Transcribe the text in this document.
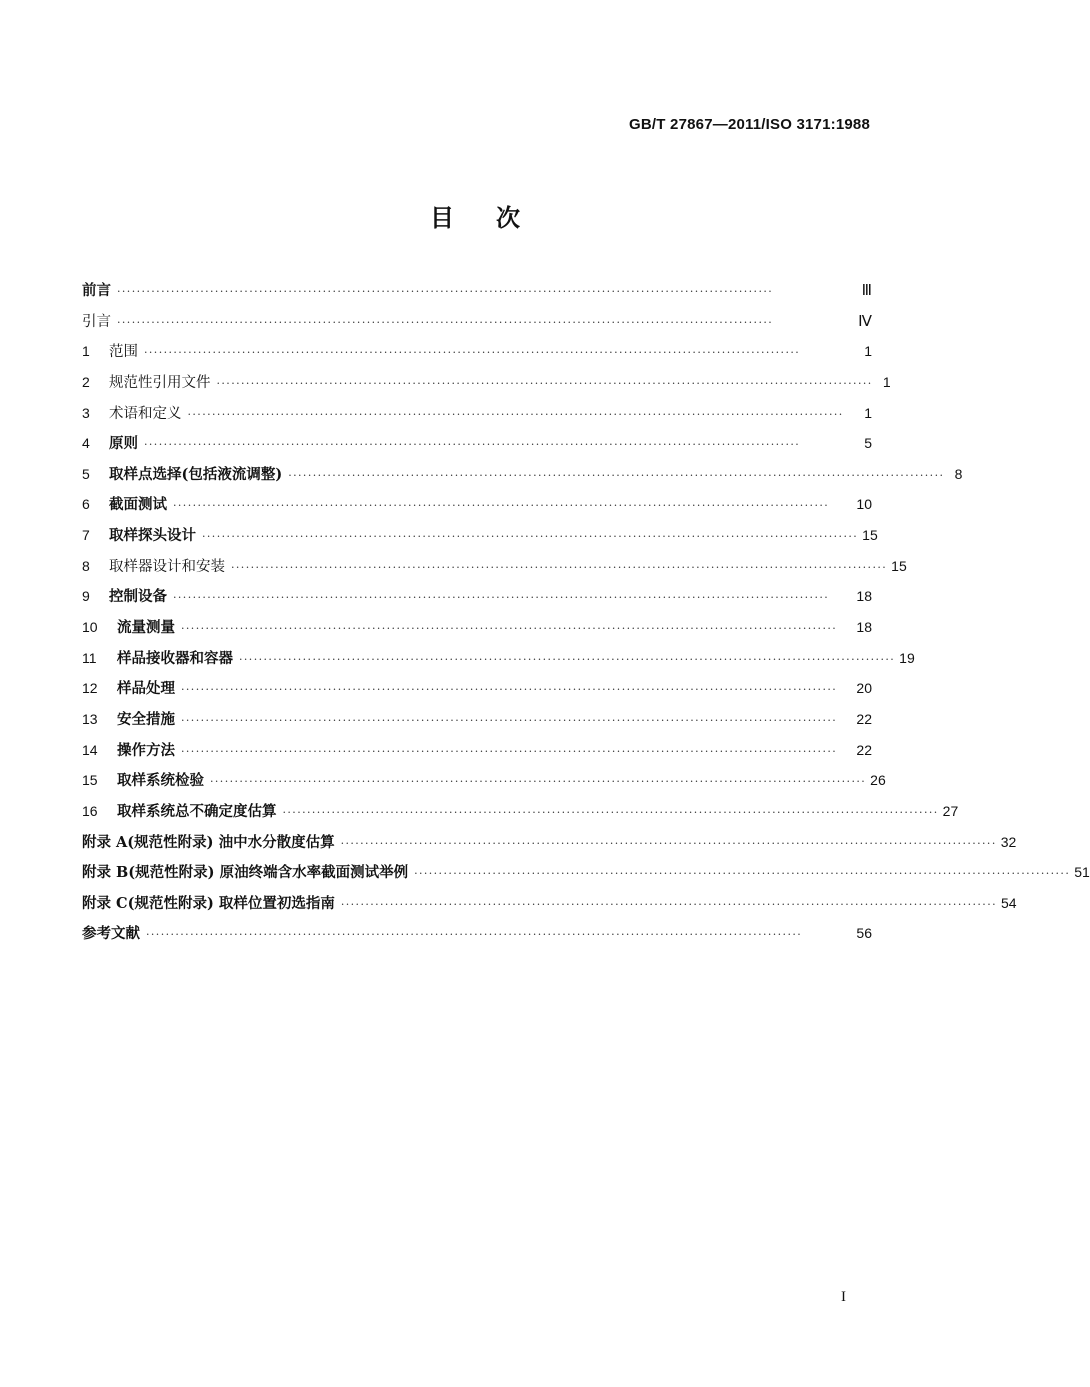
GB/T 27867—2011/ISO 3171:1988
目次
前言 ······································································································································	Ⅲ
引言 ······································································································································	Ⅳ
1	范围 ······································································································································	1
2	规范性引用文件 ······································································································································ 1
3	术语和定义 ······································································································································	1
4	原则 ······································································································································	5
5	取样点选择(包括液流调整) ······································································································································ 8
6	截面测试 ······································································································································	10
7	取样探头设计 ······································································································································ 15
8	取样器设计和安装 ······································································································································ 15
9	控制设备 ······································································································································	18
10	流量测量 ······································································································································	18
11	样品接收器和容器 ······································································································································ 19
12	样品处理 ······································································································································	20
13	安全措施 ······································································································································	22
14	操作方法 ······································································································································	22
15	取样系统检验 ······································································································································ 26
16	取样系统总不确定度估算 ······································································································································ 27
附录 A(规范性附录) 油中水分散度估算 ······································································································································ 32
附录 B(规范性附录) 原油终端含水率截面测试举例 ······································································································································ 51
附录 C(规范性附录) 取样位置初选指南 ······································································································································ 54
参考文献 ······································································································································	56
I
